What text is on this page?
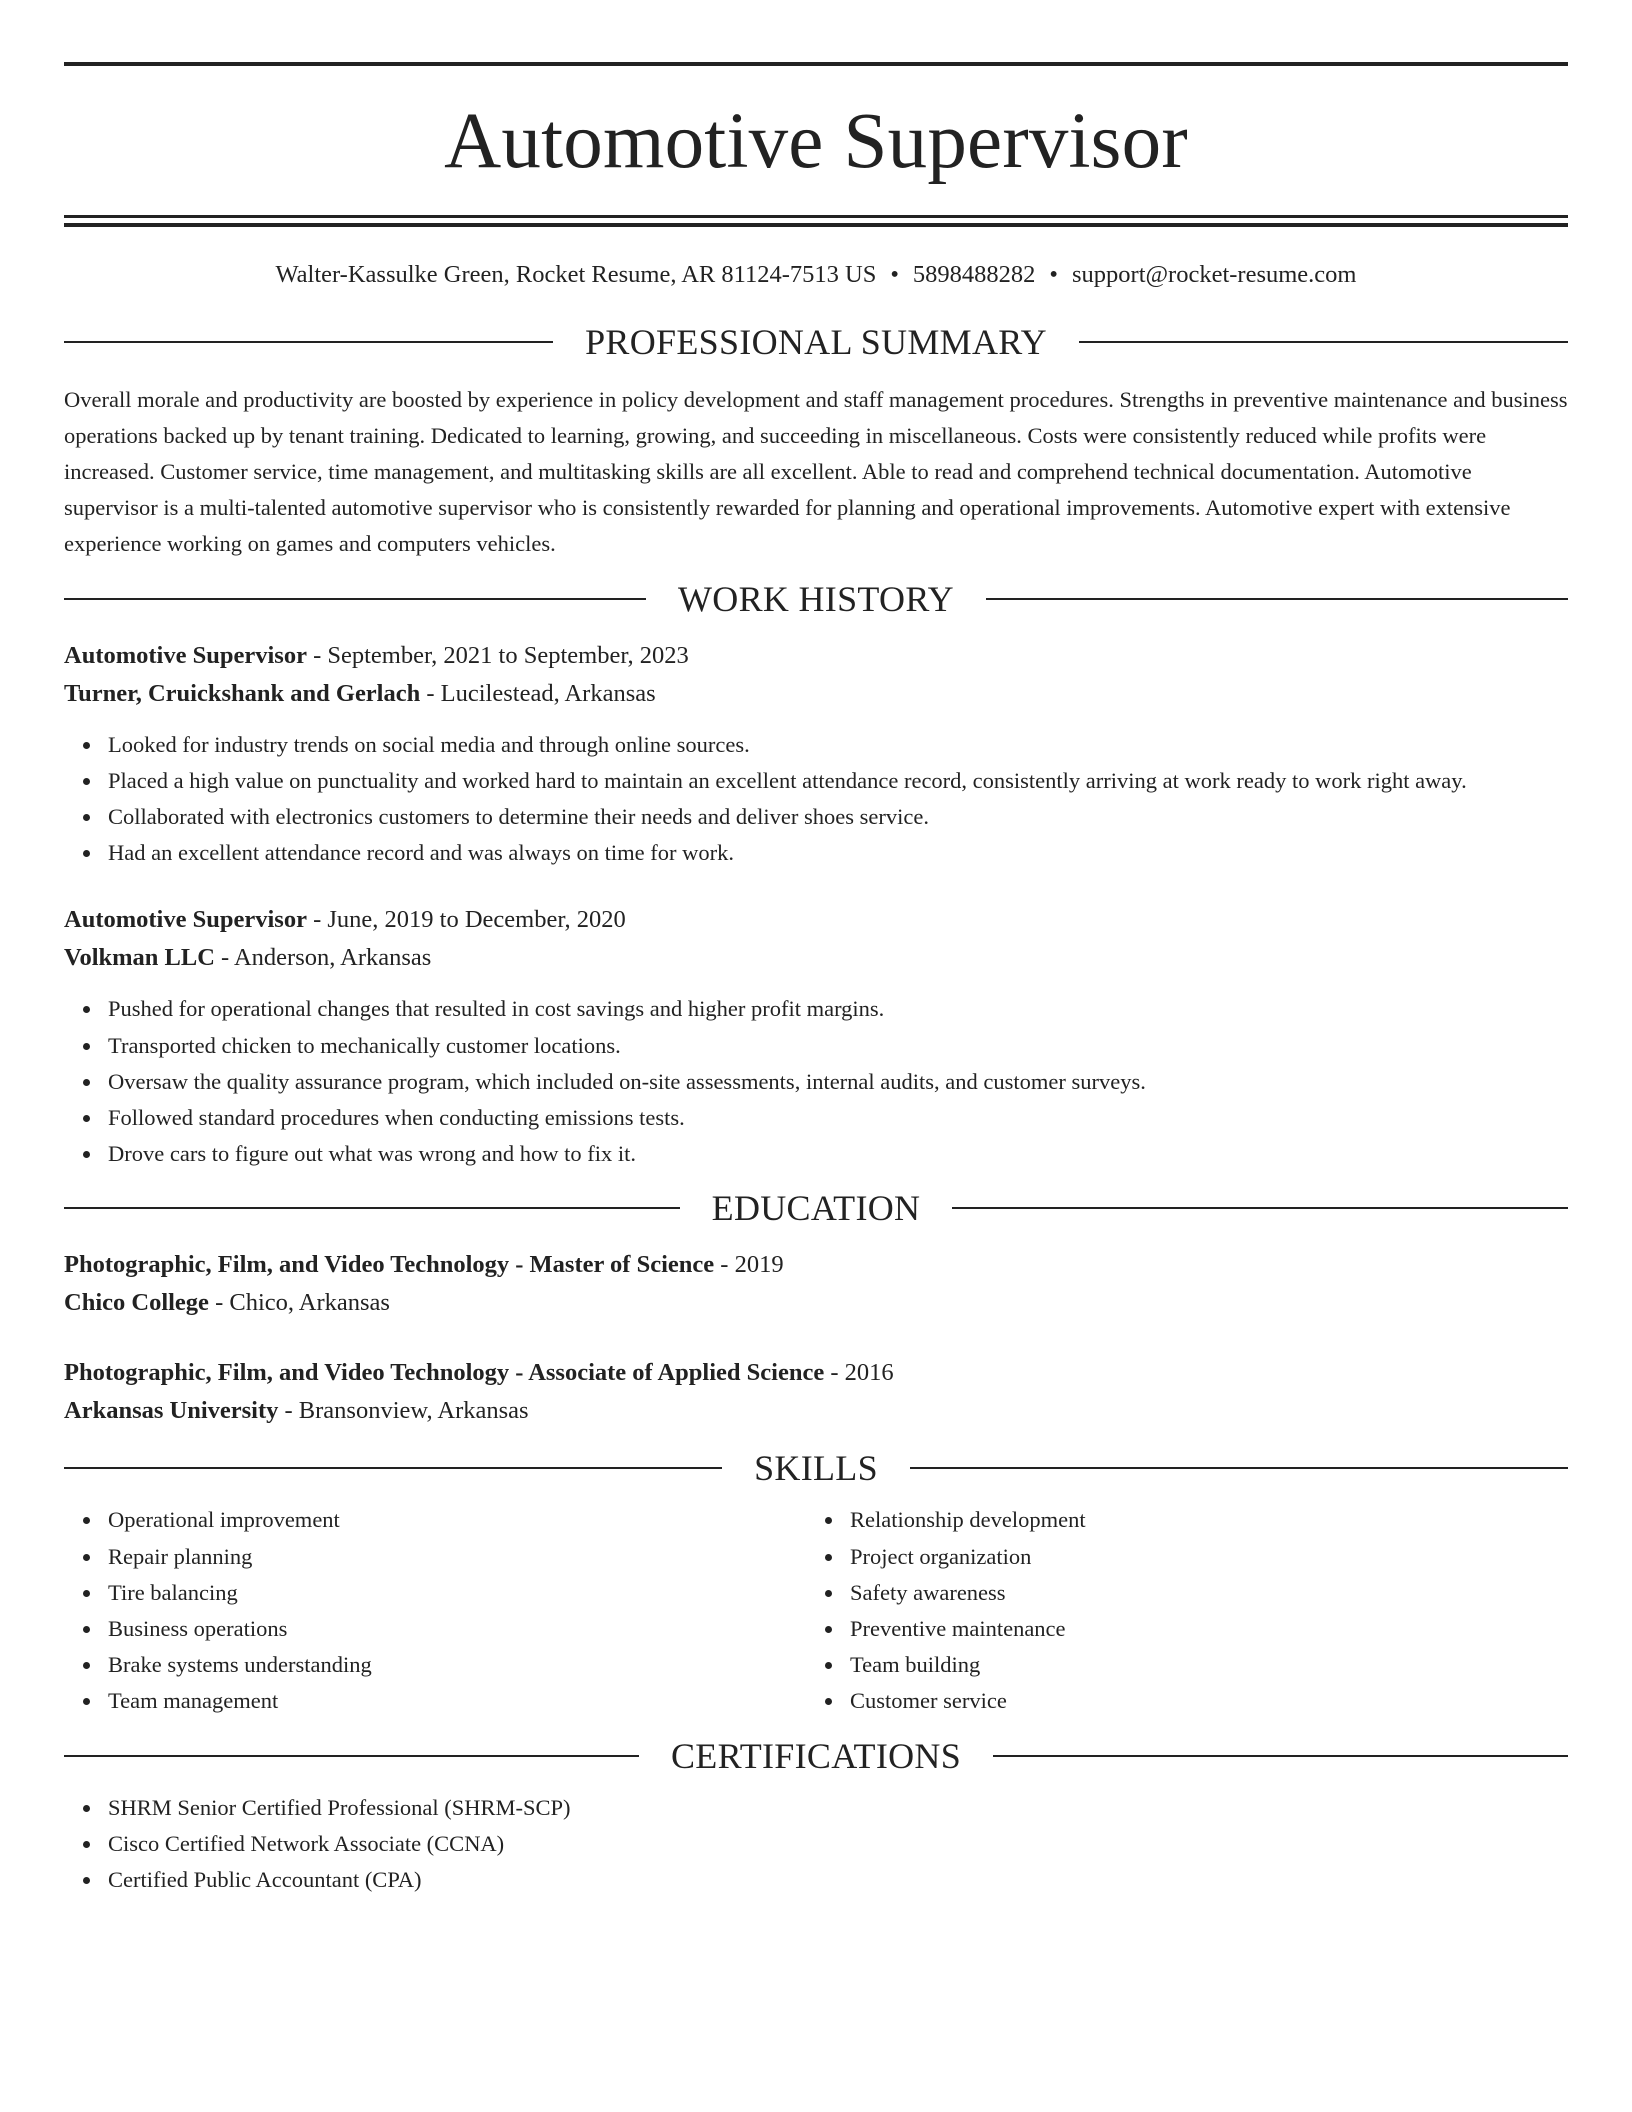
Automotive Supervisor
Walter-Kassulke Green, Rocket Resume, AR 81124-7513 US • 5898488282 • support@rocket-resume.com
PROFESSIONAL SUMMARY

Overall morale and productivity are boosted by experience in policy development and staff management procedures. Strengths in preventive maintenance and business operations backed up by tenant training. Dedicated to learning, growing, and succeeding in miscellaneous. Costs were consistently reduced while profits were increased. Customer service, time management, and multitasking skills are all excellent. Able to read and comprehend technical documentation. Automotive supervisor is a multi-talented automotive supervisor who is consistently rewarded for planning and operational improvements. Automotive expert with extensive experience working on games and computers vehicles.

WORK HISTORY
Automotive Supervisor - September, 2021 to September, 2023
Turner, Cruickshank and Gerlach - Lucilestead, Arkansas
Looked for industry trends on social media and through online sources.
Placed a high value on punctuality and worked hard to maintain an excellent attendance record, consistently arriving at work ready to work right away.
Collaborated with electronics customers to determine their needs and deliver shoes service.
Had an excellent attendance record and was always on time for work.
Automotive Supervisor - June, 2019 to December, 2020
Volkman LLC - Anderson, Arkansas
Pushed for operational changes that resulted in cost savings and higher profit margins.
Transported chicken to mechanically customer locations.
Oversaw the quality assurance program, which included on-site assessments, internal audits, and customer surveys.
Followed standard procedures when conducting emissions tests.
Drove cars to figure out what was wrong and how to fix it.
EDUCATION
Photographic, Film, and Video Technology - Master of Science - 2019
Chico College - Chico, Arkansas
Photographic, Film, and Video Technology - Associate of Applied Science - 2016
Arkansas University - Bransonview, Arkansas
SKILLS
Operational improvement
Repair planning
Tire balancing
Business operations
Brake systems understanding
Team management
Relationship development
Project organization
Safety awareness
Preventive maintenance
Team building
Customer service
CERTIFICATIONS
SHRM Senior Certified Professional (SHRM-SCP)
Cisco Certified Network Associate (CCNA)
Certified Public Accountant (CPA)
